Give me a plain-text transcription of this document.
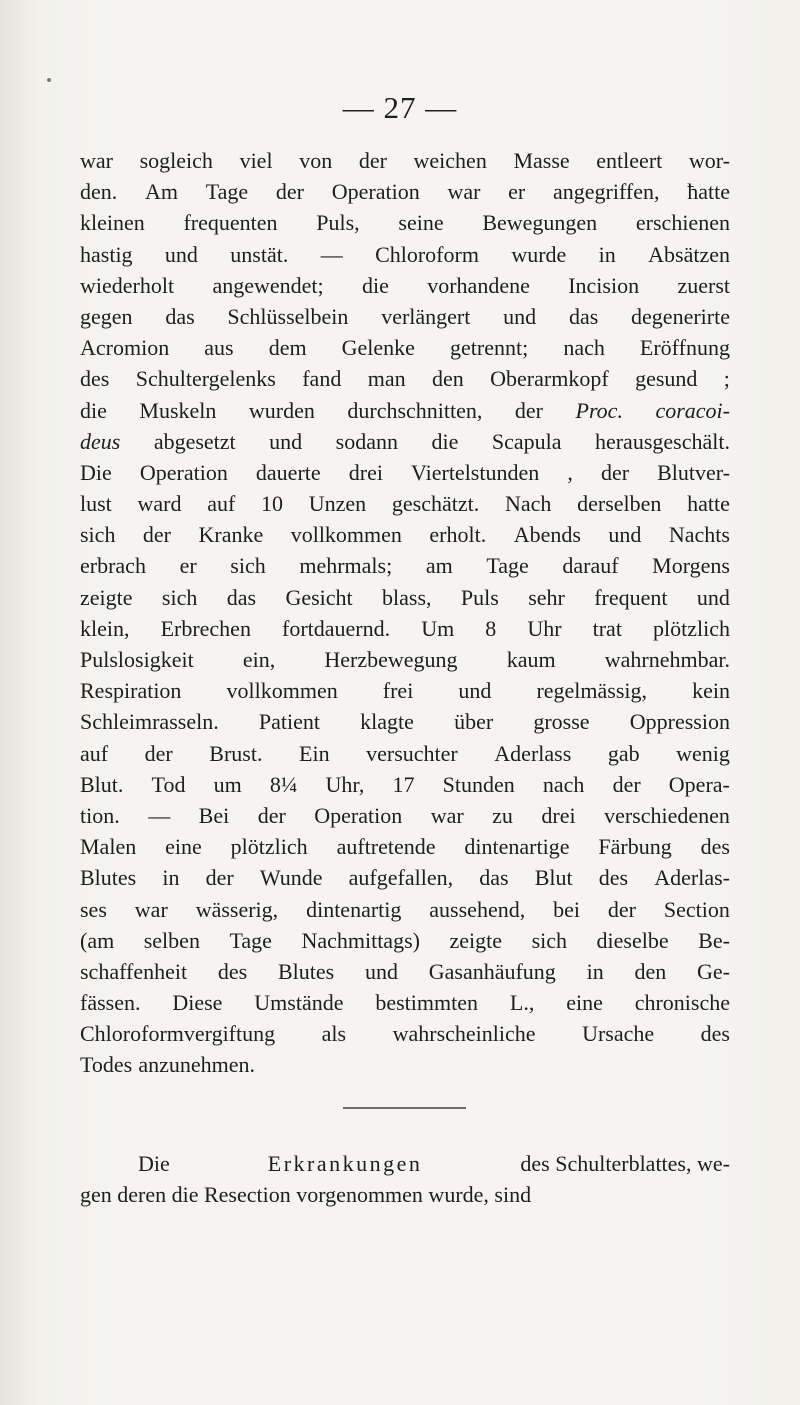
— 27 —
war sogleich viel von der weichen Masse entleert wor-
den. Am Tage der Operation war er angegriffen, ħatte
kleinen frequenten Puls, seine Bewegungen erschienen
hastig und unstät. — Chloroform wurde in Absätzen
wiederholt angewendet; die vorhandene Incision zuerst
gegen das Schlüsselbein verlängert und das degenerirte
Acromion aus dem Gelenke getrennt; nach Eröffnung
des Schultergelenks fand man den Oberarmkopf gesund ;
die Muskeln wurden durchschnitten, der Proc. coracoi-
deus abgesetzt und sodann die Scapula herausgeschält.
Die Operation dauerte drei Viertelstunden , der Blutver-
lust ward auf 10 Unzen geschätzt. Nach derselben hatte
sich der Kranke vollkommen erholt. Abends und Nachts
erbrach er sich mehrmals; am Tage darauf Morgens
zeigte sich das Gesicht blass, Puls sehr frequent und
klein, Erbrechen fortdauernd. Um 8 Uhr trat plötzlich
Pulslosigkeit ein, Herzbewegung kaum wahrnehmbar.
Respiration vollkommen frei und regelmässig, kein
Schleimrasseln. Patient klagte über grosse Oppression
auf der Brust. Ein versuchter Aderlass gab wenig
Blut. Tod um 8¼ Uhr, 17 Stunden nach der Opera-
tion. — Bei der Operation war zu drei verschiedenen
Malen eine plötzlich auftretende dintenartige Färbung des
Blutes in der Wunde aufgefallen, das Blut des Aderlas-
ses war wässerig, dintenartig aussehend, bei der Section
(am selben Tage Nachmittags) zeigte sich dieselbe Be-
schaffenheit des Blutes und Gasanhäufung in den Ge-
fässen. Diese Umstände bestimmten L., eine chronische
Chloroformvergiftung als wahrscheinliche Ursache des
Todes anzunehmen.
Die	Erkrankungen	des Schulterblattes, we-
gen deren die Resection vorgenommen wurde, sind
